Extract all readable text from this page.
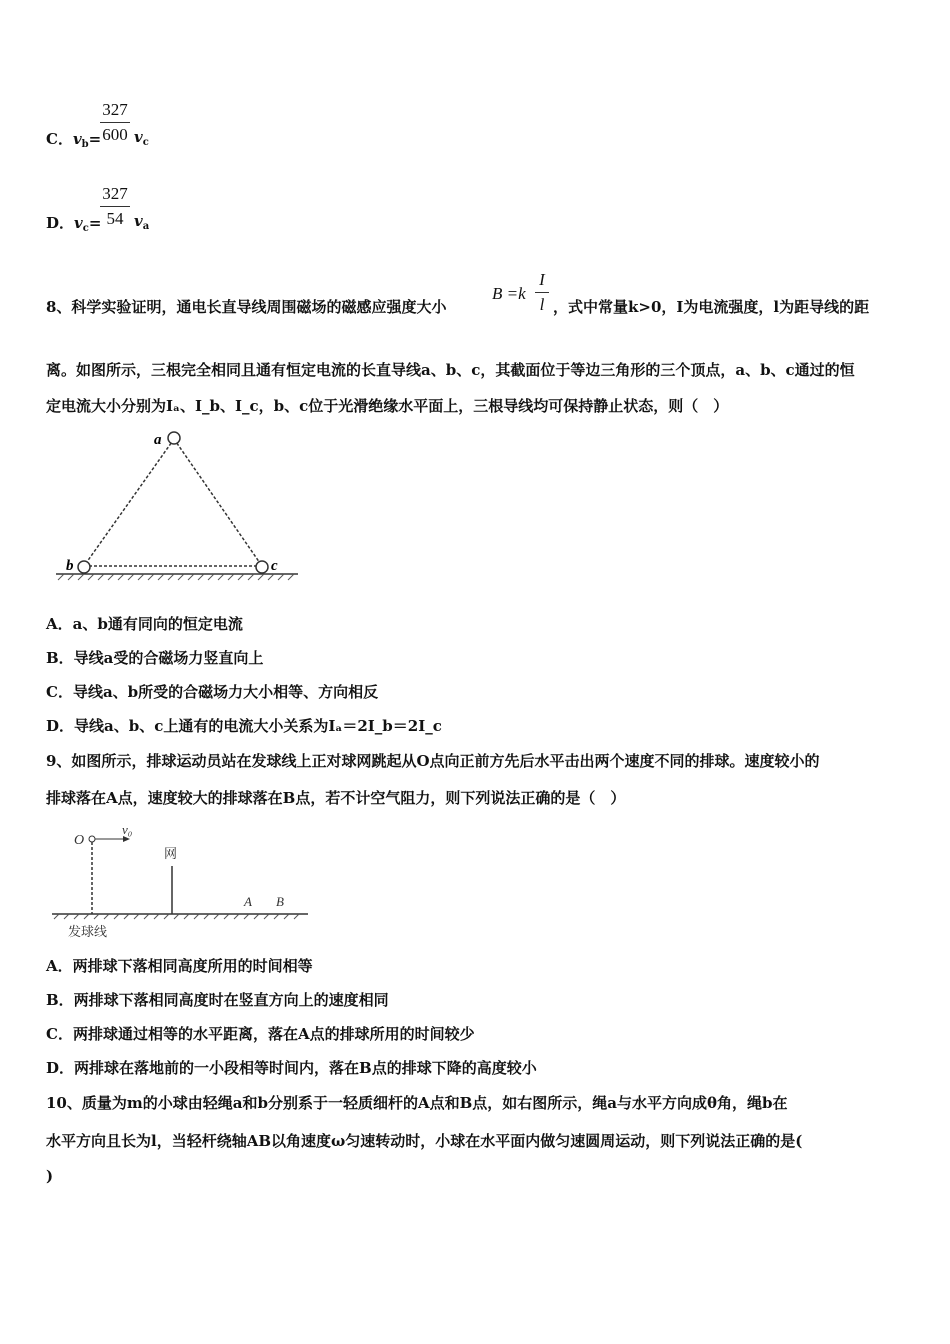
C．$v_b=$
$\frac{327}{600} v_c$
D．$v_c=$
$\frac{327}{54} v_a$
8、科学实验证明，通电长直导线周围磁场的磁感应强度大小
$B =k \frac{I}{l}$ ，式中常量k>0，I为电流强度，l为距导线的距
离。如图所示，三根完全相同且通有恒定电流的长直导线a、b、c，其截面位于等边三角形的三个顶点，a、b、c通过的恒
定电流大小分别为Iₐ、I_b、I_c，b、c位于光滑绝缘水平面上，三根导线均可保持静止状态，则（　）
a
b	c
A．a、b通有同向的恒定电流
B．导线a受的合磁场力竖直向上
C．导线a、b所受的合磁场力大小相等、方向相反
D．导线a、b、c上通有的电流大小关系为Iₐ＝2I_b＝2I_c
9、如图所示，排球运动员站在发球线上正对球网跳起从O点向正前方先后水平击出两个速度不同的排球。速度较小的
排球落在A点，速度较大的排球落在B点，若不计空气阻力，则下列说法正确的是（　）
O
v₀
网
A B
发球线
A．两排球下落相同高度所用的时间相等
B．两排球下落相同高度时在竖直方向上的速度相同
C．两排球通过相等的水平距离，落在A点的排球所用的时间较少
D．两排球在落地前的一小段相等时间内，落在B点的排球下降的高度较小
10、质量为m的小球由轻绳a和b分别系于一轻质细杆的A点和B点，如右图所示，绳a与水平方向成θ角，绳b在
水平方向且长为l，当轻杆绕轴AB以角速度ω匀速转动时，小球在水平面内做匀速圆周运动，则下列说法正确的是(
)
